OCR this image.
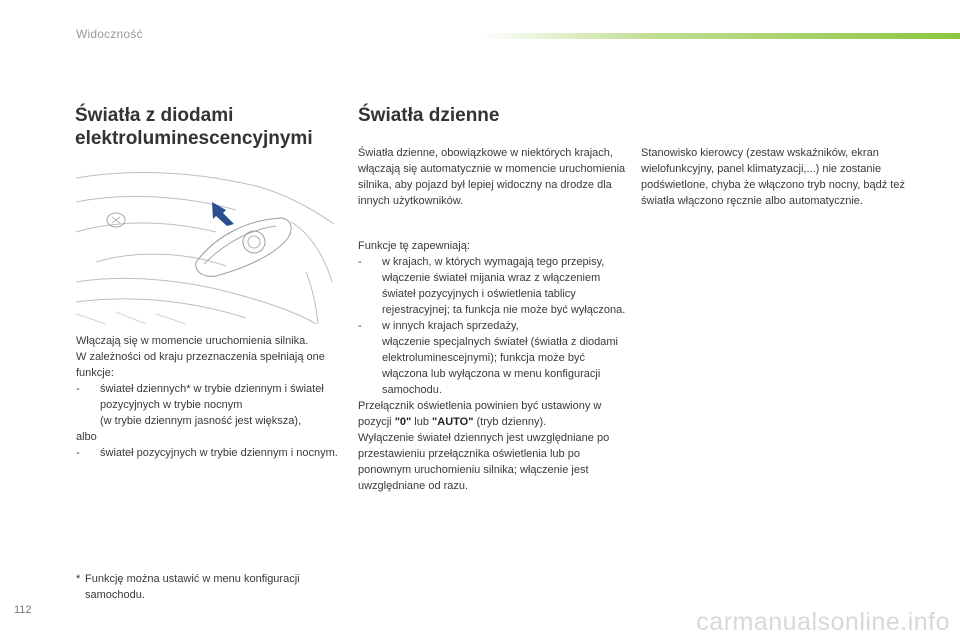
Widoczność
Światła z diodami
elektroluminescencyjnymi
Światła dzienne

Włączają się w momencie uruchomienia silnika.

W zależności od kraju przeznaczenia spełniają one funkcje:

-	świateł dziennych* w trybie dziennym i świateł pozycyjnych w trybie nocnym
(w trybie dziennym jasność jest większa),

albo

-	świateł pozycyjnych w trybie dziennym i nocnym.
* Funkcję można ustawić w menu konfiguracji samochodu.

Światła dzienne, obowiązkowe w niektórych krajach, włączają się automatycznie w momencie uruchomienia silnika, aby pojazd był lepiej widoczny na drodze dla innych użytkowników.

Funkcje tę zapewniają:

-	w krajach, w których wymagają tego przepisy,
włączenie świateł mijania wraz z włączeniem świateł pozycyjnych i oświetlenia tablicy rejestracyjnej; ta funkcja nie może być wyłączona.
-	w innych krajach sprzedaży,
włączenie specjalnych świateł (światła z diodami elektroluminescejnymi); funkcja może być włączona lub wyłączona w menu konfiguracji samochodu.

Przełącznik oświetlenia powinien być ustawiony w pozycji "0" lub "AUTO" (tryb dzienny).

Wyłączenie świateł dziennych jest uwzględniane po przestawieniu przełącznika oświetlenia lub po ponownym uruchomieniu silnika; włączenie jest uwzględniane od razu.

Stanowisko kierowcy (zestaw wskaźników, ekran wielofunkcyjny, panel klimatyzacji,...) nie zostanie podświetlone, chyba że włączono tryb nocny, bądź też światła włączono ręcznie albo automatycznie.

112	carmanualsonline.info
